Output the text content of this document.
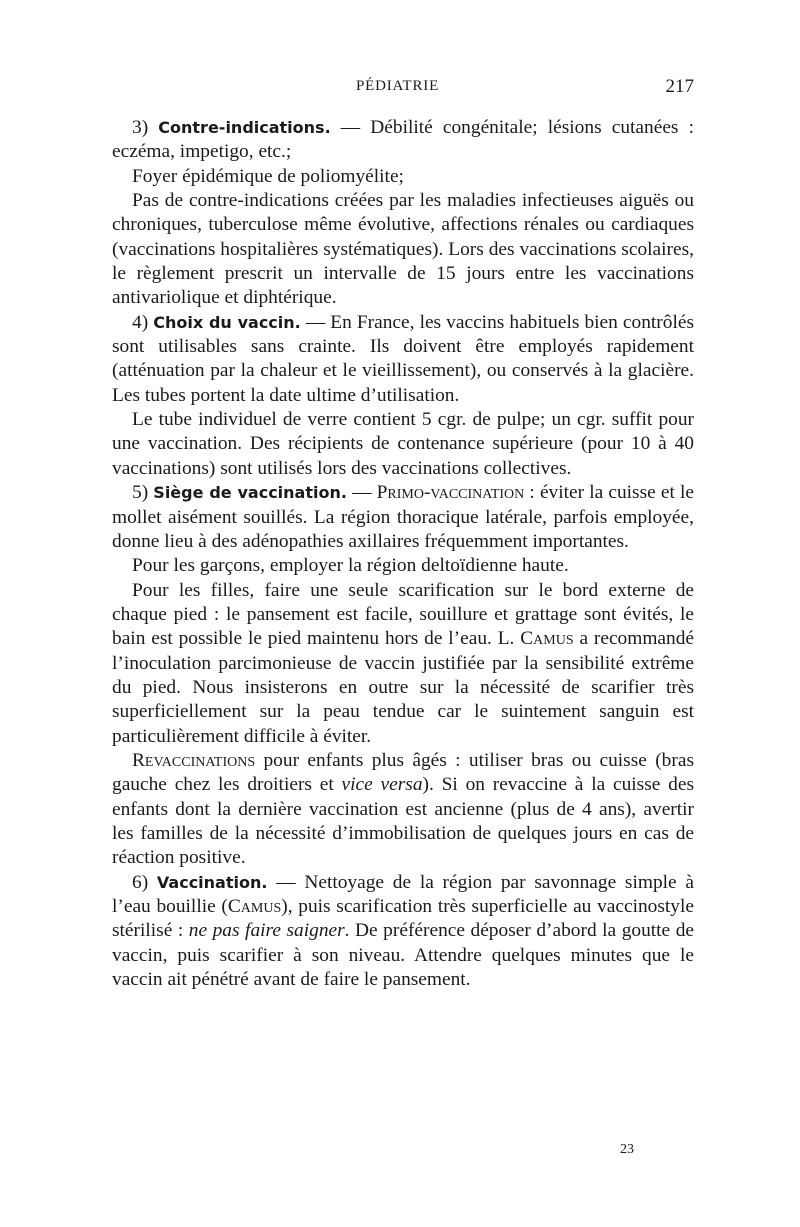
PÉDIATRIE	217

3) Contre-indications. — Débilité congénitale; lésions cutanées : eczéma, impetigo, etc.;

Foyer épidémique de poliomyélite;

Pas de contre-indications créées par les maladies infectieuses aiguës ou chroniques, tuberculose même évolutive, affections rénales ou cardiaques (vaccinations hospitalières systématiques). Lors des vaccinations scolaires, le règlement prescrit un intervalle de 15 jours entre les vaccinations antivariolique et diphtérique.

4) Choix du vaccin. — En France, les vaccins habituels bien contrôlés sont utilisables sans crainte. Ils doivent être employés rapidement (atténuation par la chaleur et le vieillissement), ou conservés à la glacière. Les tubes portent la date ultime d’utilisation.

Le tube individuel de verre contient 5 cgr. de pulpe; un cgr. suffit pour une vaccination. Des récipients de contenance supérieure (pour 10 à 40 vaccinations) sont utilisés lors des vaccinations collectives.

5) Siège de vaccination. — Primo-vaccination : éviter la cuisse et le mollet aisément souillés. La région thoracique latérale, parfois employée, donne lieu à des adénopathies axillaires fréquemment importantes.

Pour les garçons, employer la région deltoïdienne haute.

Pour les filles, faire une seule scarification sur le bord externe de chaque pied : le pansement est facile, souillure et grattage sont évités, le bain est possible le pied maintenu hors de l’eau. L. Camus a recommandé l’inoculation parcimonieuse de vaccin justifiée par la sensibilité extrême du pied. Nous insisterons en outre sur la nécessité de scarifier très superficiellement sur la peau tendue car le suintement sanguin est particulièrement difficile à éviter.

Revaccinations pour enfants plus âgés : utiliser bras ou cuisse (bras gauche chez les droitiers et vice versa). Si on revaccine à la cuisse des enfants dont la dernière vaccination est ancienne (plus de 4 ans), avertir les familles de la nécessité d’immobilisation de quelques jours en cas de réaction positive.

6) Vaccination. — Nettoyage de la région par savonnage simple à l’eau bouillie (Camus), puis scarification très superficielle au vaccinostyle stérilisé : ne pas faire saigner. De préférence déposer d’abord la goutte de vaccin, puis scarifier à son niveau. Attendre quelques minutes que le vaccin ait pénétré avant de faire le pansement.

23
